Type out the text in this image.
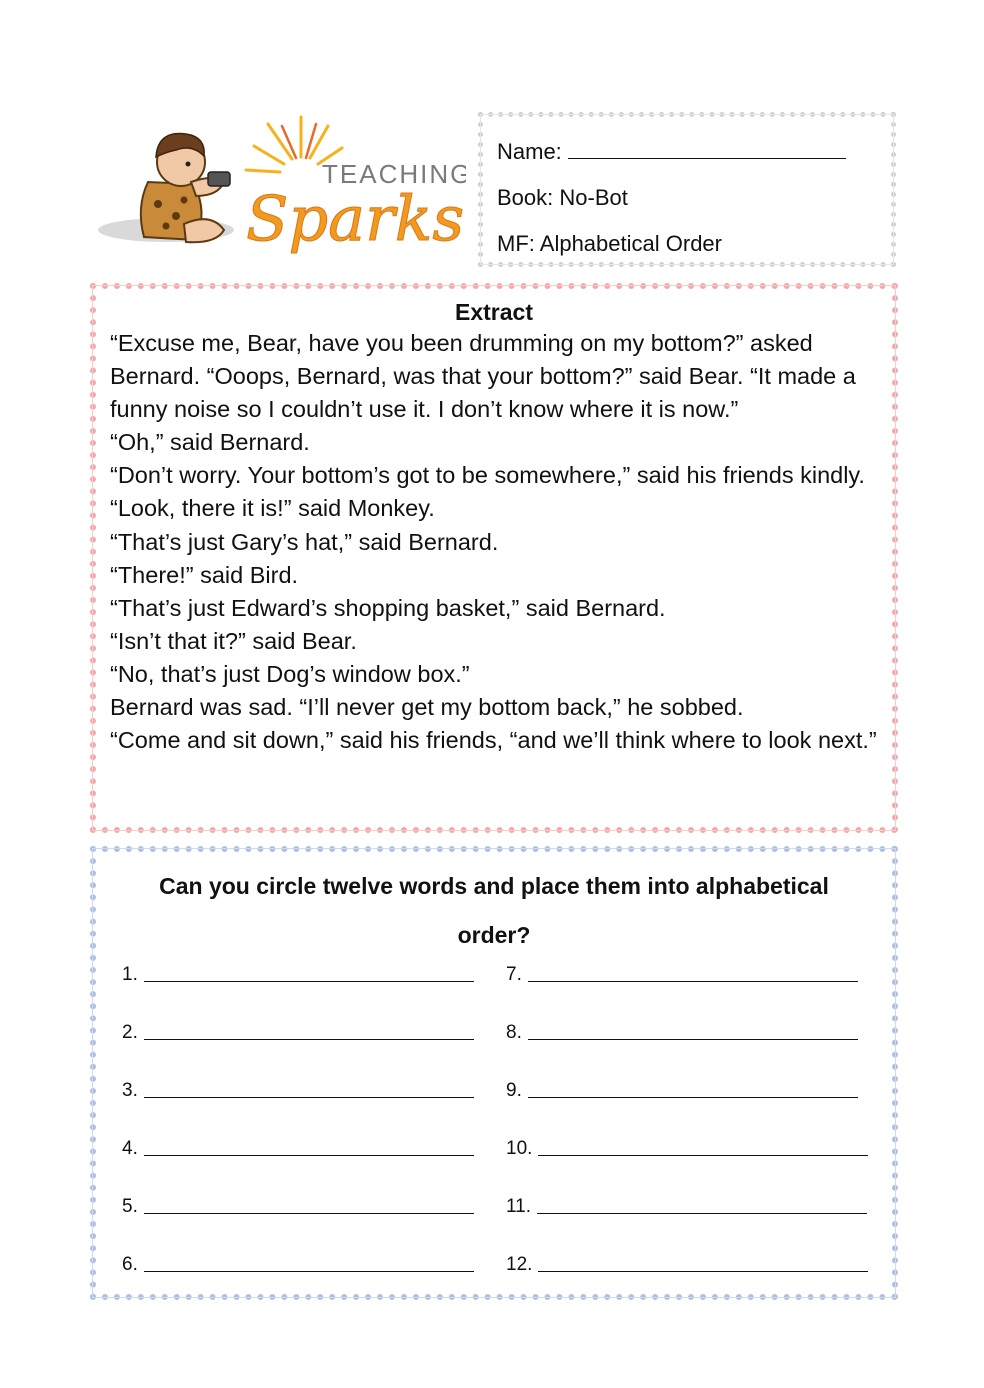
TEACHING
Sparks
Name:
Book: No-Bot
MF: Alphabetical Order
Extract

“Excuse me, Bear, have you been drumming on my bottom?” asked Bernard. “Ooops, Bernard, was that your bottom?” said Bear. “It made a funny noise so I couldn’t use it. I don’t know where it is now.”

“Oh,” said Bernard.

“Don’t worry. Your bottom’s got to be somewhere,” said his friends kindly.

“Look, there it is!” said Monkey.

“That’s just Gary’s hat,” said Bernard.

“There!” said Bird.

“That’s just Edward’s shopping basket,” said Bernard.

“Isn’t that it?” said Bear.

“No, that’s just Dog’s window box.”

Bernard was sad. “I’ll never get my bottom back,” he sobbed.

“Come and sit down,” said his friends, “and we’ll think where to look next.”

Can you circle twelve words and place them into alphabetical order?
1.
2.
3.
4.
5.
6.
7.
8.
9.
10.
11.
12.
